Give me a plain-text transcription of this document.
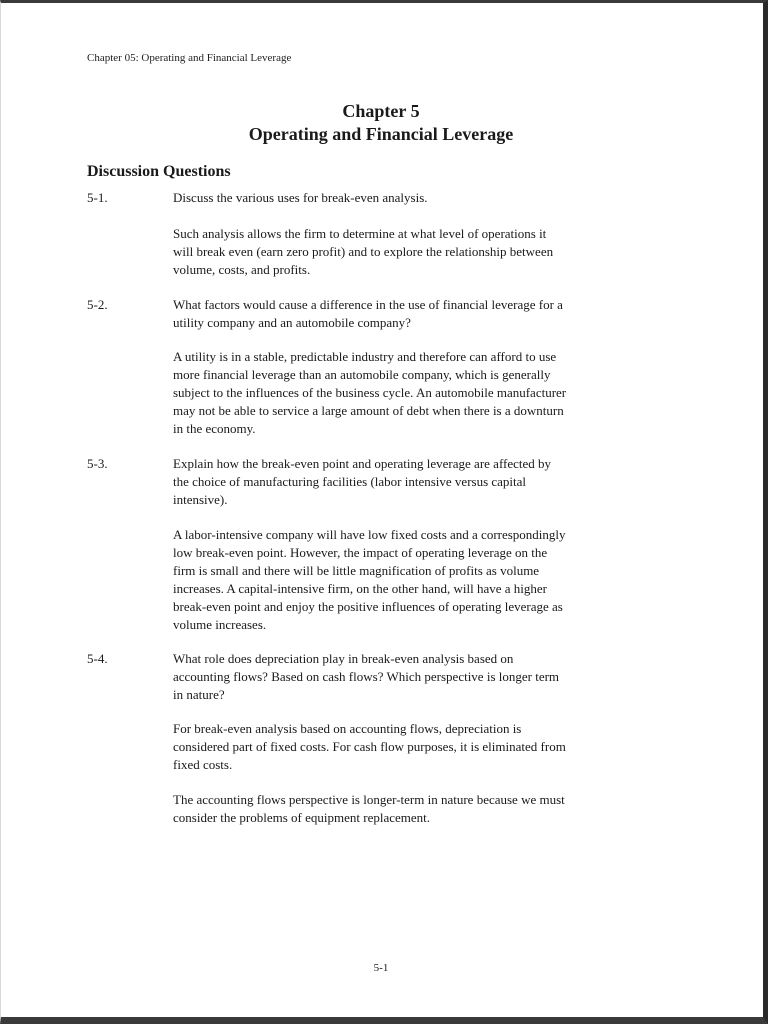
Chapter 05: Operating and Financial Leverage
Chapter 5
Operating and Financial Leverage
Discussion Questions
5-1.	Discuss the various uses for break-even analysis.
Such analysis allows the firm to determine at what level of operations it
will break even (earn zero profit) and to explore the relationship between
volume, costs, and profits.
5-2.	What factors would cause a difference in the use of financial leverage for a
utility company and an automobile company?
A utility is in a stable, predictable industry and therefore can afford to use
more financial leverage than an automobile company, which is generally
subject to the influences of the business cycle. An automobile manufacturer
may not be able to service a large amount of debt when there is a downturn
in the economy.
5-3.	Explain how the break-even point and operating leverage are affected by
the choice of manufacturing facilities (labor intensive versus capital
intensive).
A labor-intensive company will have low fixed costs and a correspondingly
low break-even point. However, the impact of operating leverage on the
firm is small and there will be little magnification of profits as volume
increases. A capital-intensive firm, on the other hand, will have a higher
break-even point and enjoy the positive influences of operating leverage as
volume increases.
5-4.	What role does depreciation play in break-even analysis based on
accounting flows? Based on cash flows? Which perspective is longer term
in nature?
For break-even analysis based on accounting flows, depreciation is
considered part of fixed costs. For cash flow purposes, it is eliminated from
fixed costs.
The accounting flows perspective is longer-term in nature because we must
consider the problems of equipment replacement.
5-1
